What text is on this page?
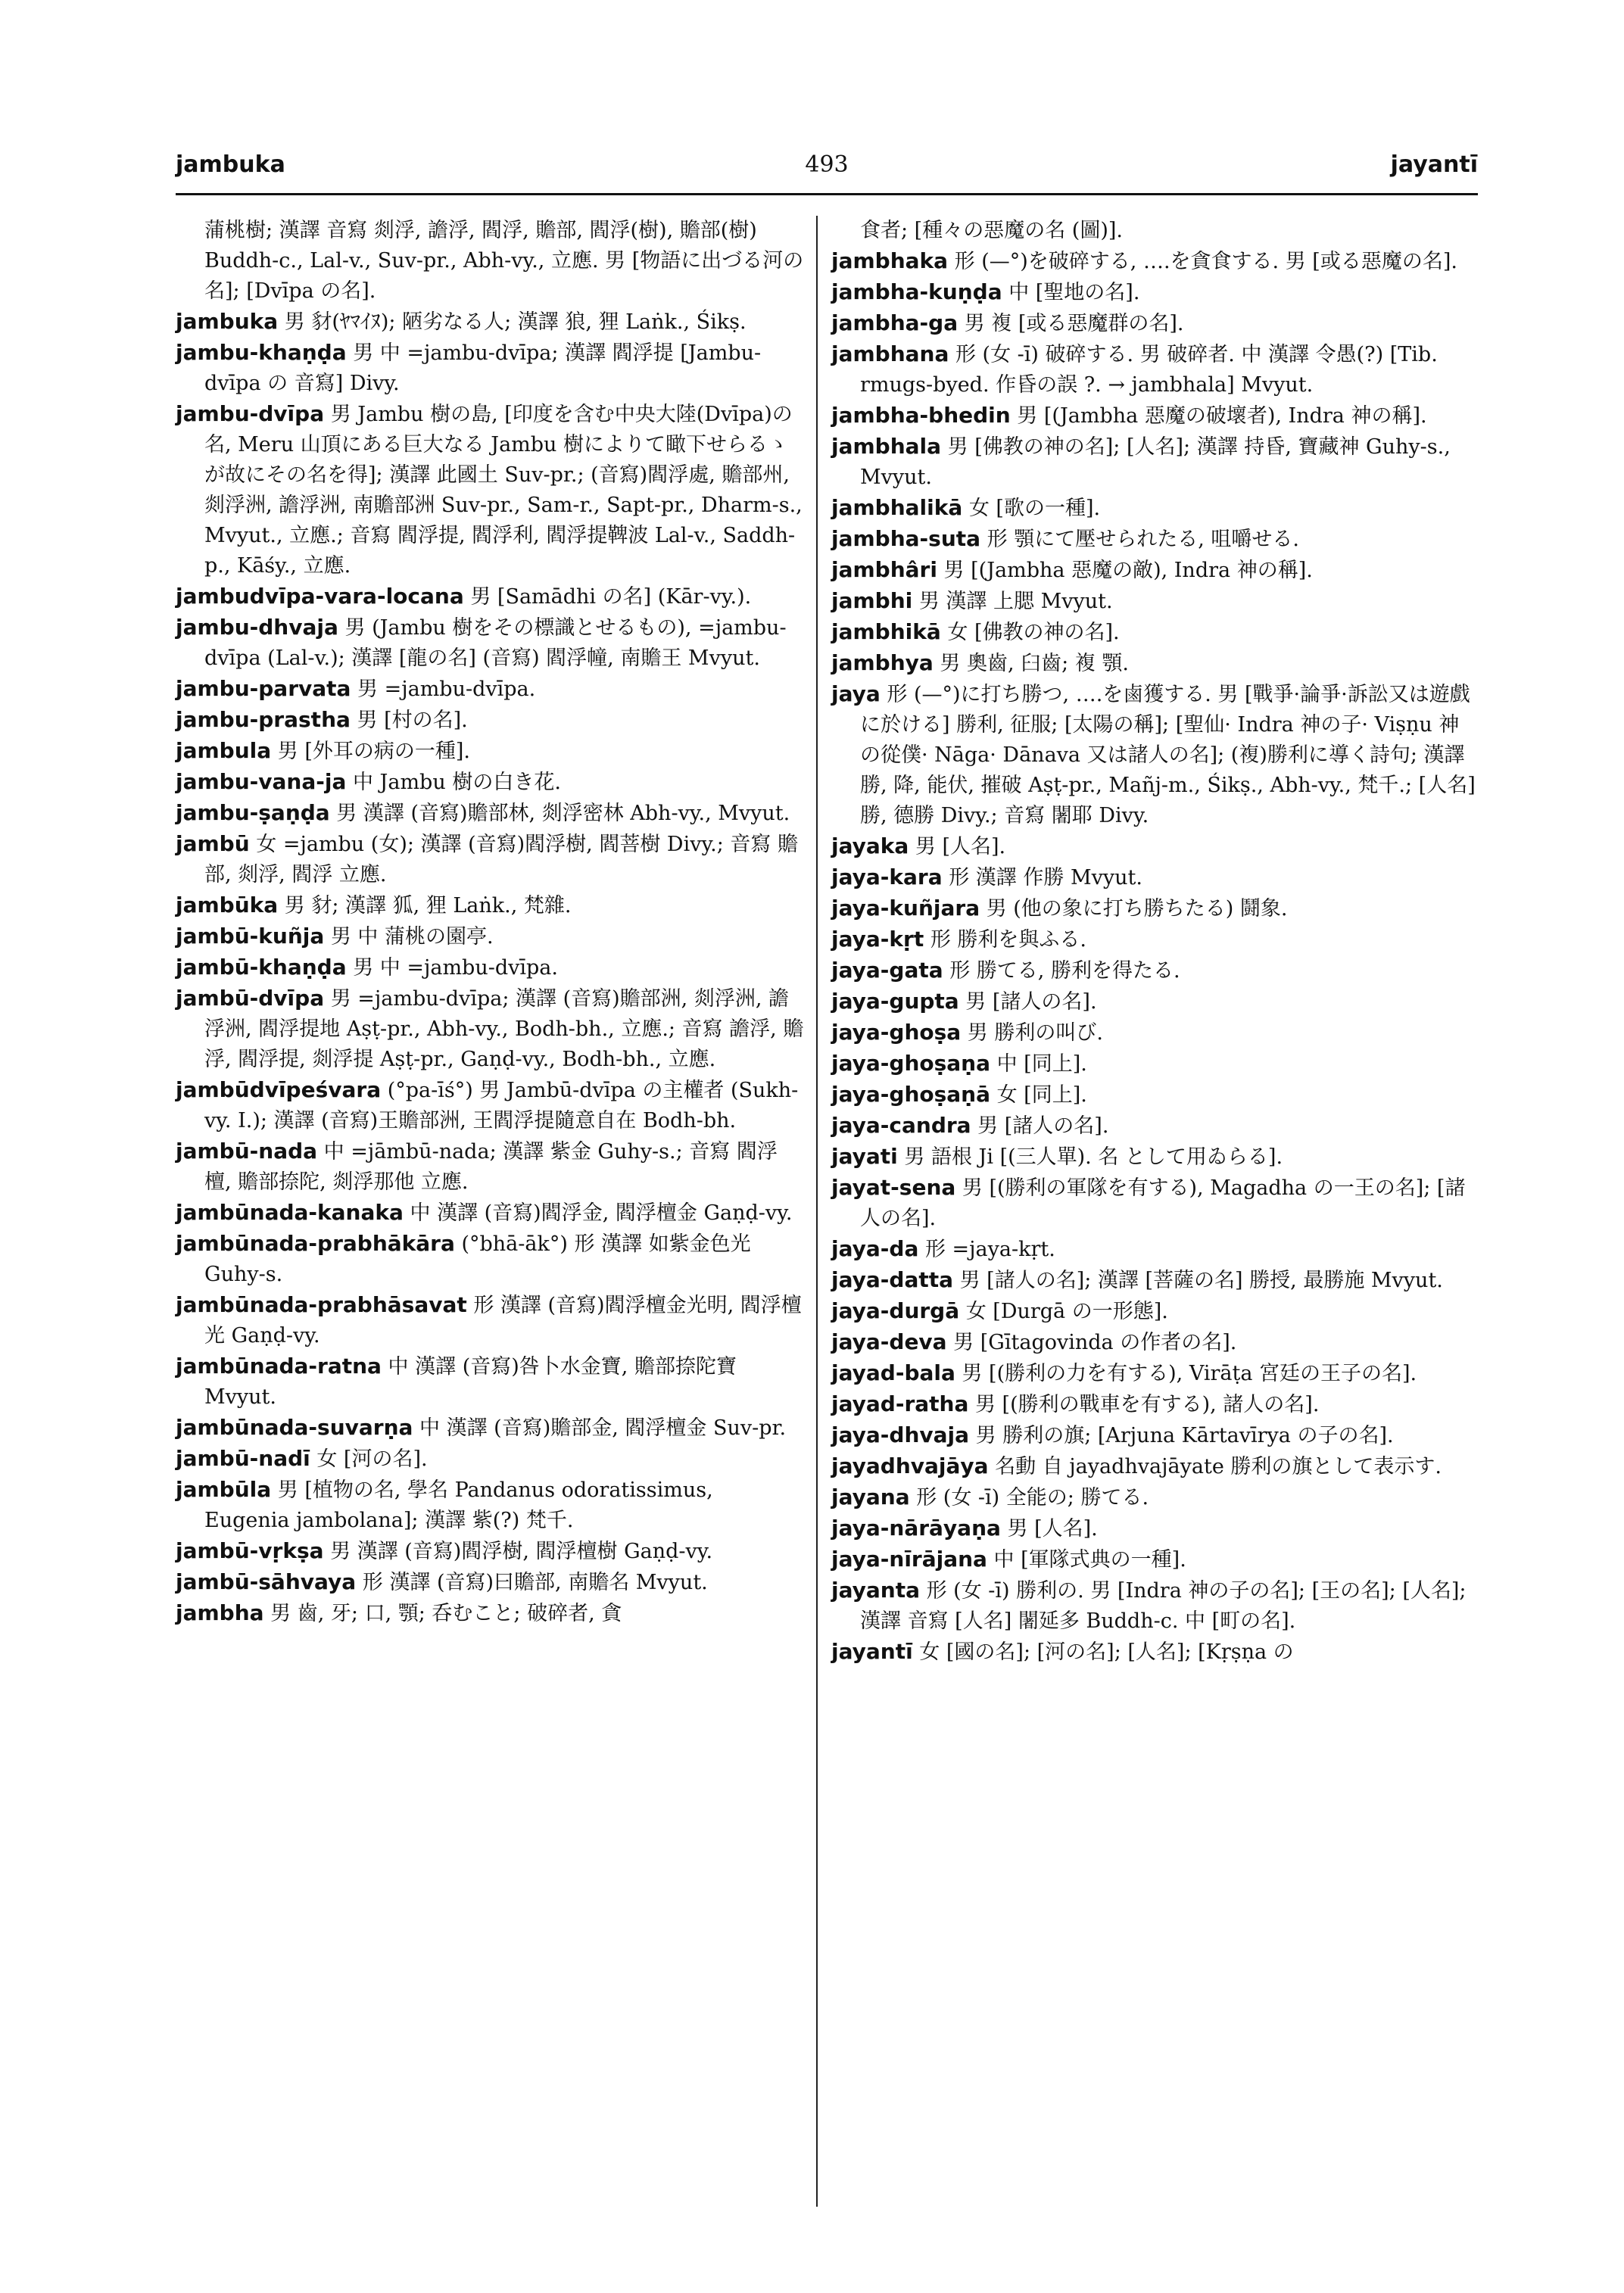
jambuka	493	jayantī

蒲桃樹; 漢譯 音寫 剡浮, 譫浮, 閻浮, 贍部, 閻浮(樹), 贍部(樹) Buddh-c., Lal-v., Suv-pr., Abh-vy., 立應. 男 [物語に出づる河の名]; [Dvīpa の名].

jambuka 男 豺(ﾔﾏｲﾇ); 陋劣なる人; 漢譯 狼, 狸 Laṅk., Śikṣ.

jambu-khaṇḍa 男 中 =jambu-dvīpa; 漢譯 閻浮提 [Jambu-dvīpa の 音寫] Divy.

jambu-dvīpa 男 Jambu 樹の島, [印度を含む中央大陸(Dvīpa)の名, Meru 山頂にある巨大なる Jambu 樹によりて瞰下せらるゝが故にその名を得]; 漢譯 此國土 Suv-pr.; (音寫)閻浮處, 贍部州, 剡浮洲, 譫浮洲, 南贍部洲 Suv-pr., Sam-r., Sapt-pr., Dharm-s., Mvyut., 立應.; 音寫 閻浮提, 閻浮利, 閻浮提鞞波 Lal-v., Saddh-p., Kāśy., 立應.

jambudvīpa-vara-locana 男 [Samādhi の名] (Kār-vy.).

jambu-dhvaja 男 (Jambu 樹をその標識とせるもの), =jambu-dvīpa (Lal-v.); 漢譯 [龍の名] (音寫) 閻浮幢, 南贍王 Mvyut.

jambu-parvata 男 =jambu-dvīpa.

jambu-prastha 男 [村の名].

jambula 男 [外耳の病の一種].

jambu-vana-ja 中 Jambu 樹の白き花.

jambu-ṣaṇḍa 男 漢譯 (音寫)贍部林, 剡浮密林 Abh-vy., Mvyut.

jambū 女 =jambu (女); 漢譯 (音寫)閻浮樹, 閻菩樹 Divy.; 音寫 贍部, 剡浮, 閻浮 立應.

jambūka 男 豺; 漢譯 狐, 狸 Laṅk., 梵雜.

jambū-kuñja 男 中 蒲桃の園亭.

jambū-khaṇḍa 男 中 =jambu-dvīpa.

jambū-dvīpa 男 =jambu-dvīpa; 漢譯 (音寫)贍部洲, 剡浮洲, 譫浮洲, 閻浮提地 Aṣṭ-pr., Abh-vy., Bodh-bh., 立應.; 音寫 譫浮, 贍浮, 閻浮提, 剡浮提 Aṣṭ-pr., Gaṇḍ-vy., Bodh-bh., 立應.

jambūdvīpeśvara (°pa-īś°) 男 Jambū-dvīpa の主權者 (Sukh-vy. I.); 漢譯 (音寫)王贍部洲, 王閻浮提隨意自在 Bodh-bh.

jambū-nada 中 =jāmbū-nada; 漢譯 紫金 Guhy-s.; 音寫 閻浮檀, 贍部捺陀, 剡浮那他 立應.

jambūnada-kanaka 中 漢譯 (音寫)閻浮金, 閻浮檀金 Gaṇḍ-vy.

jambūnada-prabhākāra (°bhā-āk°) 形 漢譯 如紫金色光 Guhy-s.

jambūnada-prabhāsavat 形 漢譯 (音寫)閻浮檀金光明, 閻浮檀光 Gaṇḍ-vy.

jambūnada-ratna 中 漢譯 (音寫)咎卜水金寶, 贍部捺陀寶 Mvyut.

jambūnada-suvarṇa 中 漢譯 (音寫)贍部金, 閻浮檀金 Suv-pr.

jambū-nadī 女 [河の名].

jambūla 男 [植物の名, 學名 Pandanus odoratissimus, Eugenia jambolana]; 漢譯 紫(?) 梵千.

jambū-vṛkṣa 男 漢譯 (音寫)閻浮樹, 閻浮檀樹 Gaṇḍ-vy.

jambū-sāhvaya 形 漢譯 (音寫)曰贍部, 南贍名 Mvyut.

jambha 男 齒, 牙; 口, 顎; 呑むこと; 破碎者, 貪

食者; [種々の惡魔の名 (圖)].

jambhaka 形 (—°)を破碎する, ….を貪食する. 男 [或る惡魔の名].

jambha-kuṇḍa 中 [聖地の名].

jambha-ga 男 複 [或る惡魔群の名].

jambhana 形 (女 -ī) 破碎する. 男 破碎者. 中 漢譯 令愚(?) [Tib. rmugs-byed. 作昏の誤 ?. → jambhala] Mvyut.

jambha-bhedin 男 [(Jambha 惡魔の破壞者), Indra 神の稱].

jambhala 男 [佛教の神の名]; [人名]; 漢譯 持昏, 寶藏神 Guhy-s., Mvyut.

jambhalikā 女 [歌の一種].

jambha-suta 形 顎にて壓せられたる, 咀嚼せる.

jambhâri 男 [(Jambha 惡魔の敵), Indra 神の稱].

jambhi 男 漢譯 上腮 Mvyut.

jambhikā 女 [佛教の神の名].

jambhya 男 奧齒, 臼齒; 複 顎.

jaya 形 (—°)に打ち勝つ, ….を鹵獲する. 男 [戰爭·論爭·訴訟又は遊戲に於ける] 勝利, 征服; [太陽の稱]; [聖仙· Indra 神の子· Viṣṇu 神の從僕· Nāga· Dānava 又は諸人の名]; (複)勝利に導く詩句; 漢譯 勝, 降, 能伏, 摧破 Aṣṭ-pr., Mañj-m., Śikṣ., Abh-vy., 梵千.; [人名] 勝, 德勝 Divy.; 音寫 闍耶 Divy.

jayaka 男 [人名].

jaya-kara 形 漢譯 作勝 Mvyut.

jaya-kuñjara 男 (他の象に打ち勝ちたる) 鬪象.

jaya-kṛt 形 勝利を與ふる.

jaya-gata 形 勝てる, 勝利を得たる.

jaya-gupta 男 [諸人の名].

jaya-ghoṣa 男 勝利の叫び.

jaya-ghoṣaṇa 中 [同上].

jaya-ghoṣaṇā 女 [同上].

jaya-candra 男 [諸人の名].

jayati 男 語根 Ji [(三人單). 名 として用ゐらる].

jayat-sena 男 [(勝利の軍隊を有する), Magadha の一王の名]; [諸人の名].

jaya-da 形 =jaya-kṛt.

jaya-datta 男 [諸人の名]; 漢譯 [菩薩の名] 勝授, 最勝施 Mvyut.

jaya-durgā 女 [Durgā の一形態].

jaya-deva 男 [Gītagovinda の作者の名].

jayad-bala 男 [(勝利の力を有する), Virāṭa 宮廷の王子の名].

jayad-ratha 男 [(勝利の戰車を有する), 諸人の名].

jaya-dhvaja 男 勝利の旗; [Arjuna Kārtavīrya の子の名].

jayadhvajāya 名動 自 jayadhvajāyate 勝利の旗として表示す.

jayana 形 (女 -ī) 全能の; 勝てる.

jaya-nārāyaṇa 男 [人名].

jaya-nīrājana 中 [軍隊式典の一種].

jayanta 形 (女 -ī) 勝利の. 男 [Indra 神の子の名]; [王の名]; [人名]; 漢譯 音寫 [人名] 闍延多 Buddh-c. 中 [町の名].

jayantī 女 [國の名]; [河の名]; [人名]; [Kṛṣṇa の
